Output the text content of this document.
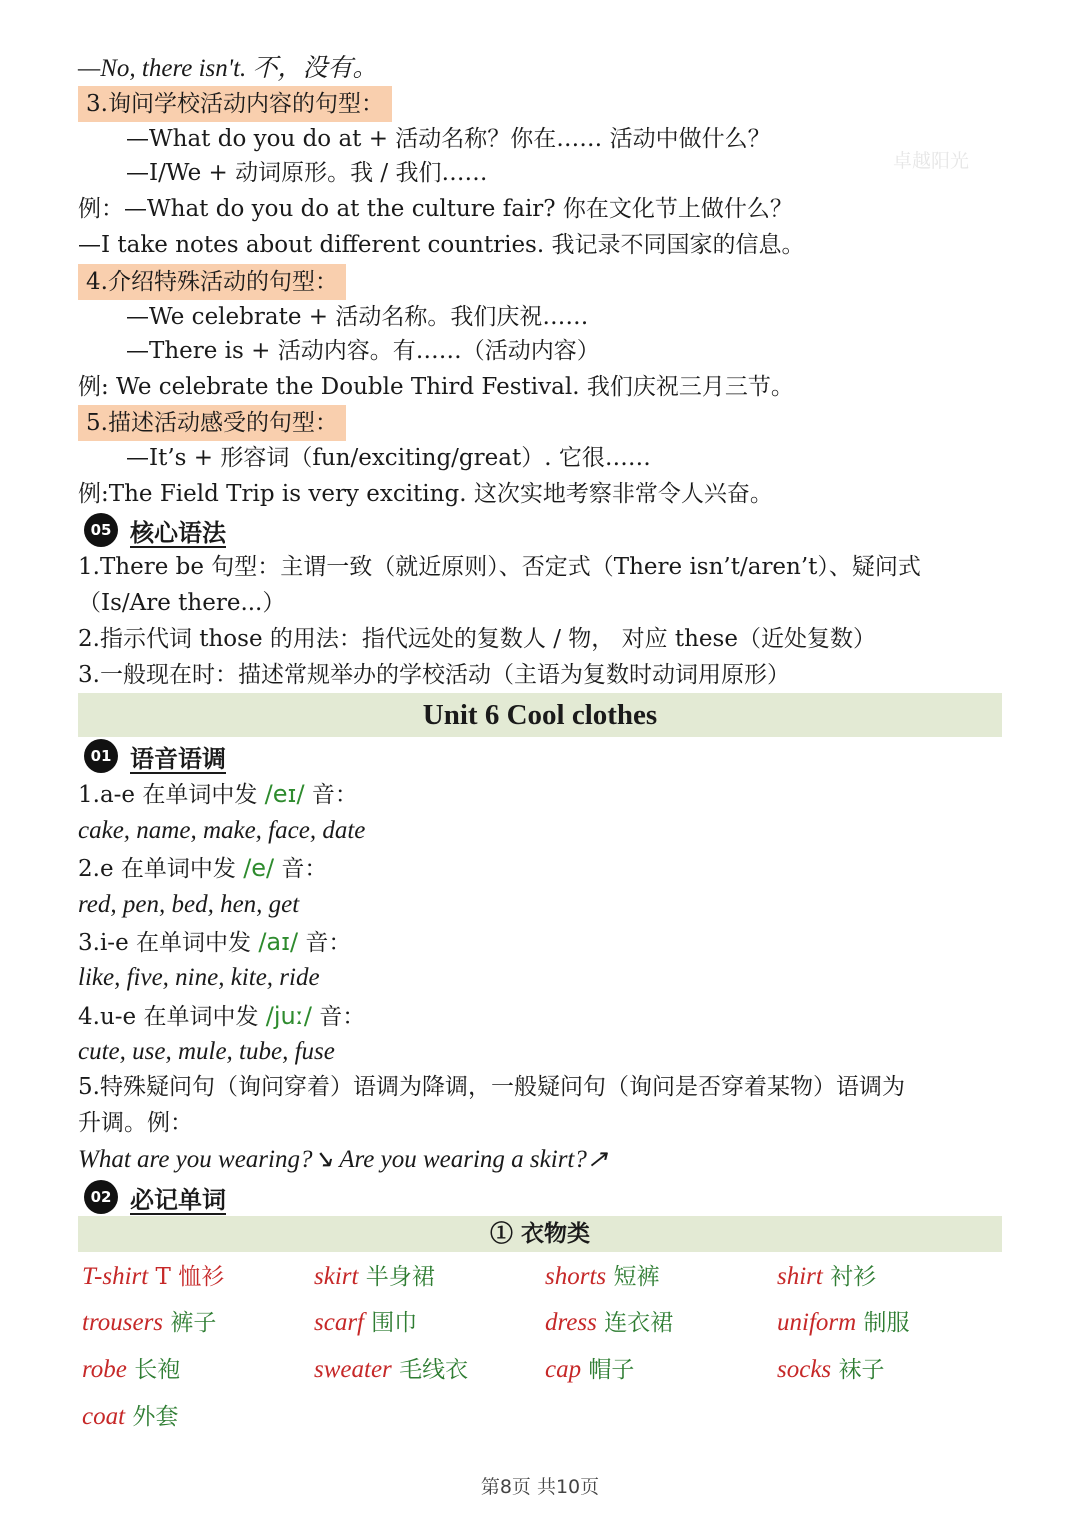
—No, there isn't. 不，没有。
3.询问学校活动内容的句型：
—What do you do at + 活动名称？你在…… 活动中做什么？
—I/We + 动词原形。我 / 我们……	卓越阳光
例：—What do you do at the culture fair? 你在文化节上做什么？
—I take notes about different countries. 我记录不同国家的信息。
4.介绍特殊活动的句型：
—We celebrate + 活动名称。我们庆祝……
—There is + 活动内容。有……（活动内容）
例: We celebrate the Double Third Festival. 我们庆祝三月三节。
5.描述活动感受的句型：
—It’s + 形容词（fun/exciting/great）. 它很……
例:The Field Trip is very exciting. 这次实地考察非常令人兴奋。
05 核心语法
1.There be 句型：主谓一致（就近原则）、否定式（There isn’t/aren’t）、疑问式
（Is/Are there...）
2.指示代词 those 的用法：指代远处的复数人 / 物， 对应 these（近处复数）
3.一般现在时：描述常规举办的学校活动（主语为复数时动词用原形）
Unit 6 Cool clothes
01 语音语调
1.a-e 在单词中发 /eɪ/ 音：
cake, name, make, face, date
2.e 在单词中发 /e/ 音：
red, pen, bed, hen, get
3.i-e 在单词中发 /aɪ/ 音：
like, five, nine, kite, ride
4.u-e 在单词中发 /juː/ 音：
cute, use, mule, tube, fuse
5.特殊疑问句（询问穿着）语调为降调，一般疑问句（询问是否穿着某物）语调为
升调。例：
What are you wearing?↘ Are you wearing a skirt?↗
02 必记单词
① 衣物类
T-shirt T 恤衫	skirt 半身裙	shorts 短裤	shirt 衬衫
trousers 裤子	scarf 围巾	dress 连衣裙	uniform 制服
robe 长袍	sweater 毛线衣	cap 帽子	socks 袜子
coat 外套
第8页 共10页
